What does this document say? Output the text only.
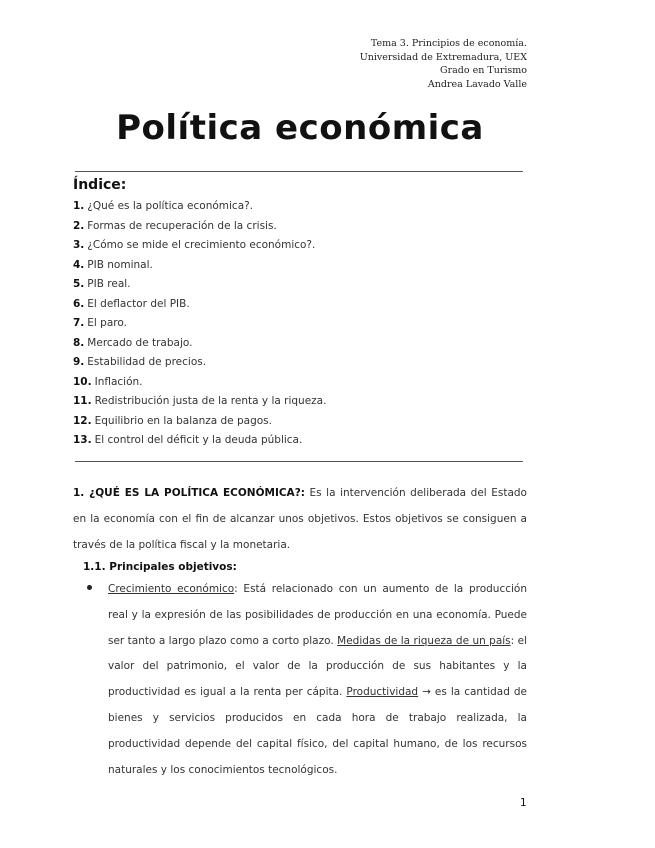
Tema 3. Principios de economía.
Universidad de Extremadura, UEX
Grado en Turismo
Andrea Lavado Valle
Política económica
Índice:
1. ¿Qué es la política económica?.
2. Formas de recuperación de la crisis.
3. ¿Cómo se mide el crecimiento económico?.
4. PIB nominal.
5. PIB real.
6. El deflactor del PIB.
7. El paro.
8. Mercado de trabajo.
9. Estabilidad de precios.
10. Inflación.
11. Redistribución justa de la renta y la riqueza.
12. Equilibrio en la balanza de pagos.
13. El control del déficit y la deuda pública.
1. ¿QUÉ ES LA POLÍTICA ECONÓMICA?: Es la intervención deliberada del Estado en la economía con el fin de alcanzar unos objetivos. Estos objetivos se consiguen a través de la política fiscal y la monetaria.
1.1. Principales objetivos:
Crecimiento económico: Está relacionado con un aumento de la producción real y la expresión de las posibilidades de producción en una economía. Puede ser tanto a largo plazo como a corto plazo. Medidas de la riqueza de un país: el valor del patrimonio, el valor de la producción de sus habitantes y la productividad es igual a la renta per cápita. Productividad → es la cantidad de bienes y servicios producidos en cada hora de trabajo realizada, la productividad depende del capital físico, del capital humano, de los recursos naturales y los conocimientos tecnológicos.
1
